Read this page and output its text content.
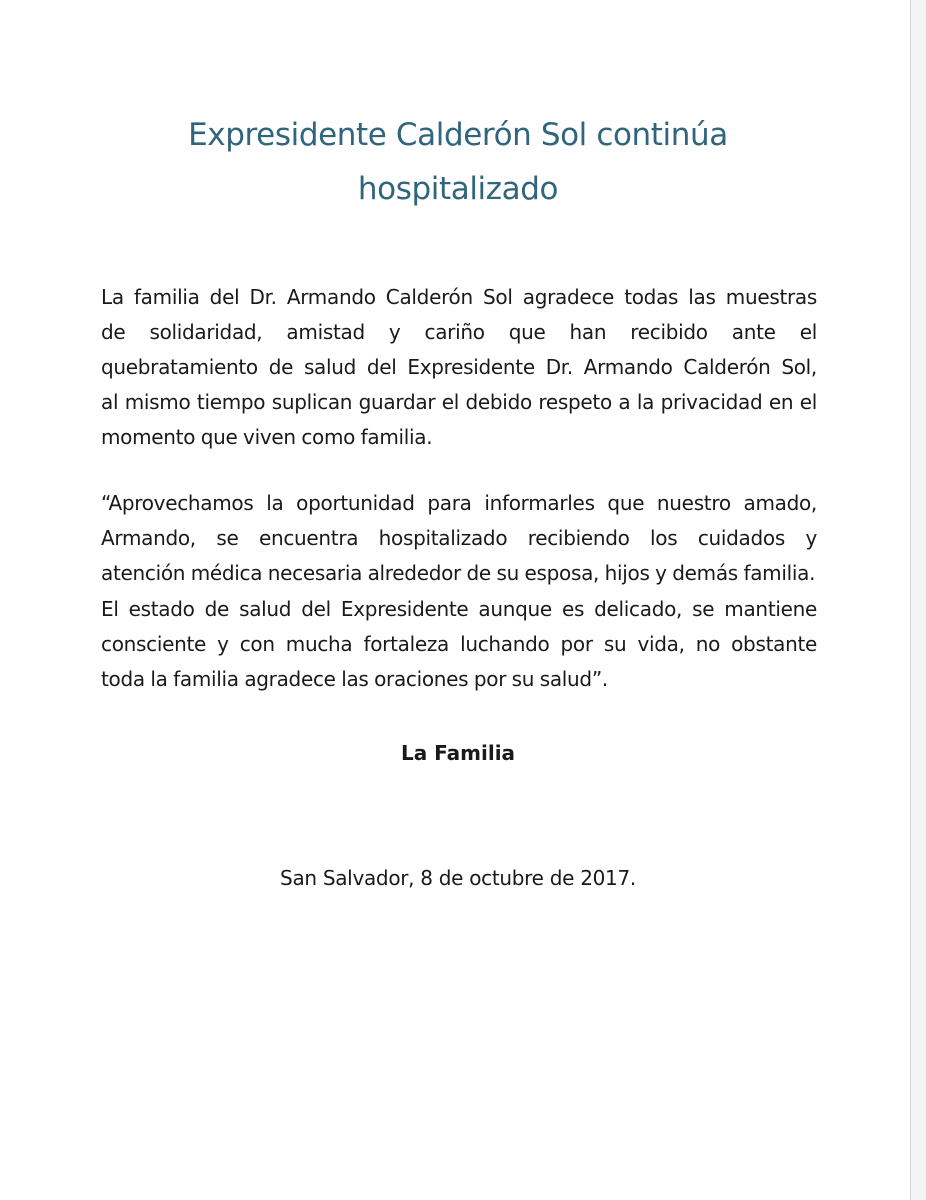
Expresidente Calderón Sol continúa
hospitalizado

La familia del Dr. Armando Calderón Sol agradece todas las muestras
de solidaridad, amistad y cariño que han recibido ante el
quebratamiento de salud del Expresidente Dr. Armando Calderón Sol,
al mismo tiempo suplican guardar el debido respeto a la privacidad en el
momento que viven como familia.

“Aprovechamos la oportunidad para informarles que nuestro amado,
Armando, se encuentra hospitalizado recibiendo los cuidados y
atención médica necesaria alrededor de su esposa, hijos y demás familia.

El estado de salud del Expresidente aunque es delicado, se mantiene
consciente y con mucha fortaleza luchando por su vida, no obstante
toda la familia agradece las oraciones por su salud”.

La Familia

San Salvador, 8 de octubre de 2017.
